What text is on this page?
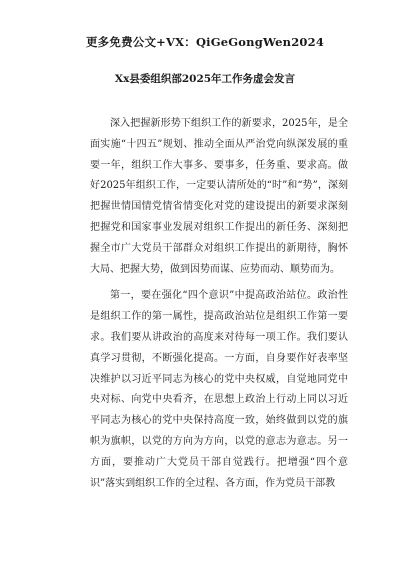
更多免费公文+VX：QiGeGongWen2024
Xx县委组织部2025年工作务虚会发言

深入把握新形势下组织工作的新要求，2025年，是全面实施“十四五”规划、推动全面从严治党向纵深发展的重要一年，组织工作大事多、要事多，任务重、要求高。做好2025年组织工作，一定要认清所处的“时”和“势”，深刻把握世情国情党情省情变化对党的建设提出的新要求深刻把握党和国家事业发展对组织工作提出的新任务、深刻把握全市广大党员干部群众对组织工作提出的新期待，胸怀大局、把握大势，做到因势而谋、应势而动、顺势而为。

第一，要在强化“四个意识”中提高政治站位。政治性是组织工作的第一属性，提高政治站位是组织工作第一要求。我们要从讲政治的高度来对待每一项工作。我们要认真学习贯彻，不断强化提高。一方面，自身要作好表率坚决维护以习近平同志为核心的党中央权威，自觉地同党中央对标、向党中央看齐，在思想上政治上行动上同以习近平同志为核心的党中央保持高度一致，始终做到以党的旗帜为旗帜，以党的方向为方向，以党的意志为意志。另一方面，要推动广大党员干部自觉践行。把增强“四个意识”落实到组织工作的全过程、各方面，作为党员干部教
